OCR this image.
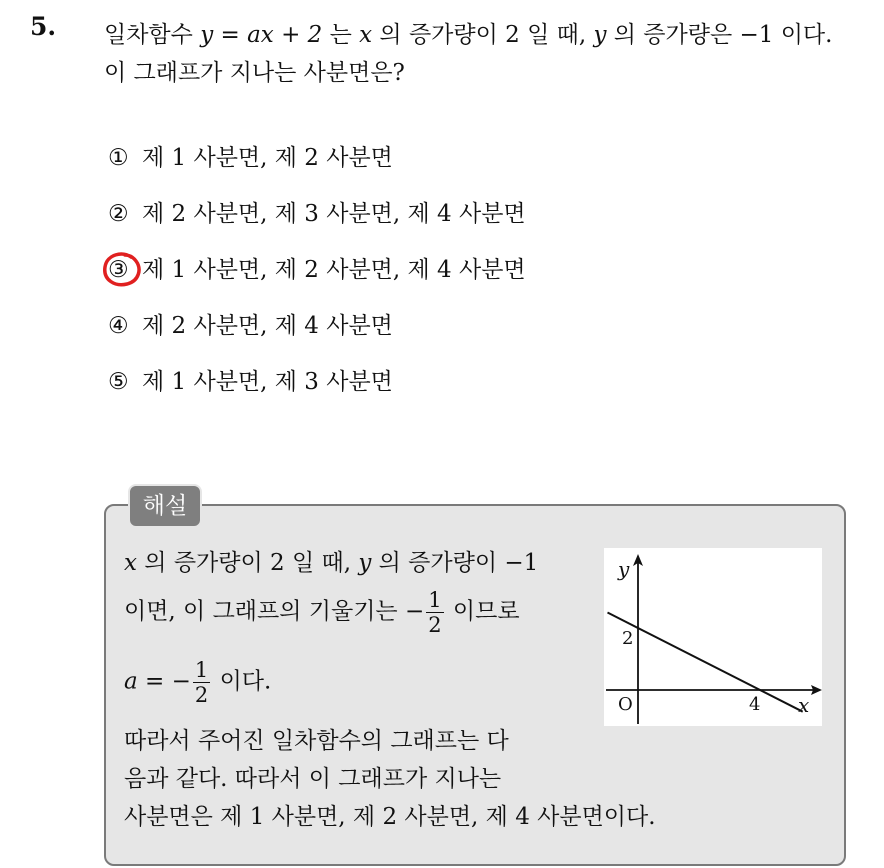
5. 일차함수 y = ax + 2 는 x 의 증가량이 2 일 때, y 의 증가량은 −1 이다.
이 그래프가 지나는 사분면은?
① 제 1 사분면, 제 2 사분면
② 제 2 사분면, 제 3 사분면, 제 4 사분면
③ 제 1 사분면, 제 2 사분면, 제 4 사분면
④ 제 2 사분면, 제 4 사분면
⑤ 제 1 사분면, 제 3 사분면
해설
x 의 증가량이 2 일 때, y 의 증가량이 −1
이면, 이 그래프의 기울기는 − $\frac{1}{2}$ 이므로
a = − $\frac{1}{2}$ 이다.
따라서 주어진 일차함수의 그래프는 다
음과 같다. 따라서 이 그래프가 지나는
사분면은 제 1 사분면, 제 2 사분면, 제 4 사분면이다.
y
x
O
2
4
